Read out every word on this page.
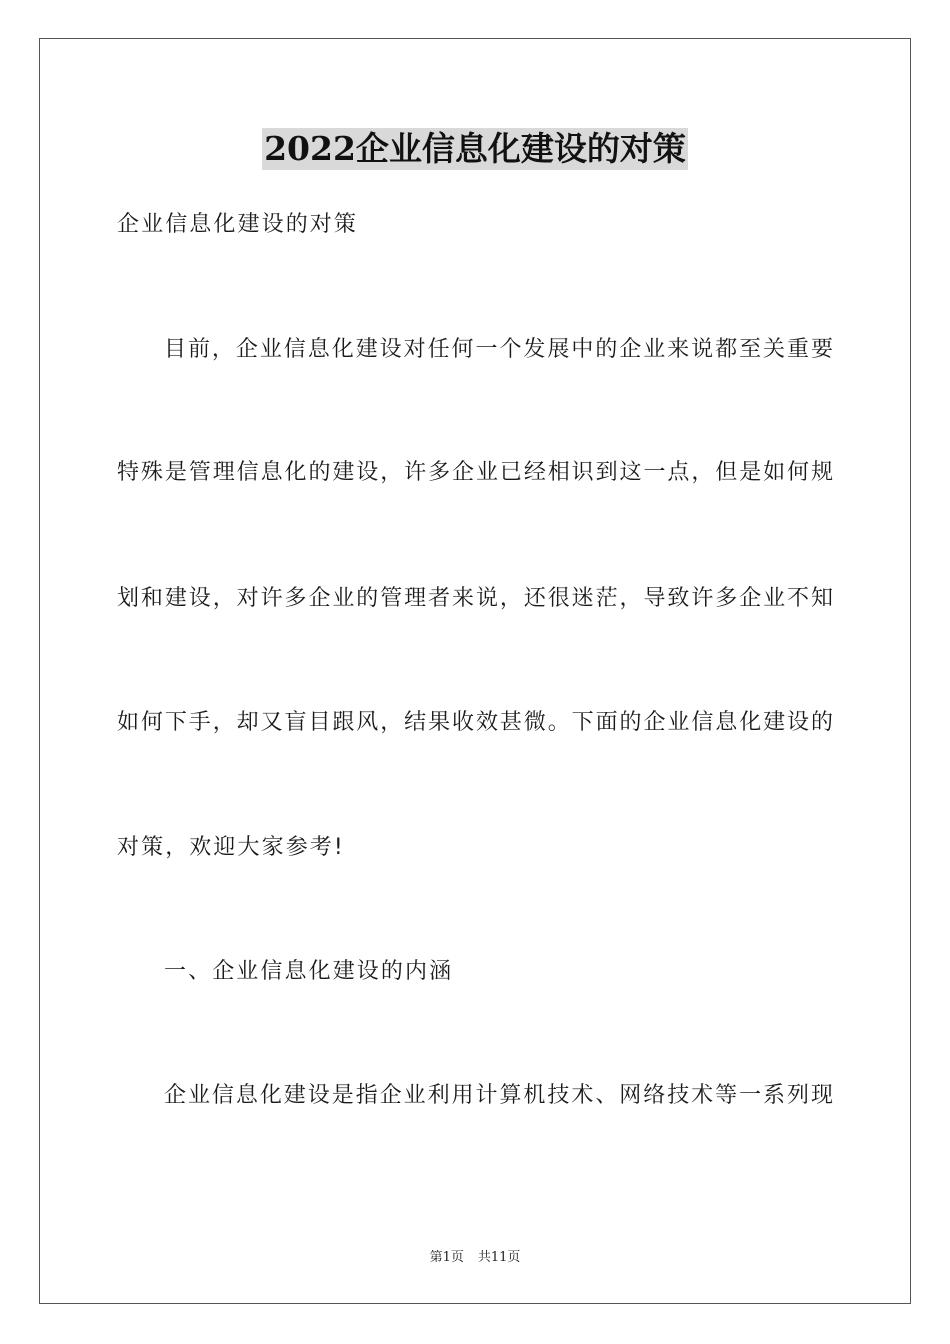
2022企业信息化建设的对策
企业信息化建设的对策
目前，企业信息化建设对任何一个发展中的企业来说都至关重要
特殊是管理信息化的建设，许多企业已经相识到这一点，但是如何规
划和建设，对许多企业的管理者来说，还很迷茫，导致许多企业不知
如何下手，却又盲目跟风，结果收效甚微。下面的企业信息化建设的
对策，欢迎大家参考!
一、企业信息化建设的内涵
企业信息化建设是指企业利用计算机技术、网络技术等一系列现
第1页 共11页
